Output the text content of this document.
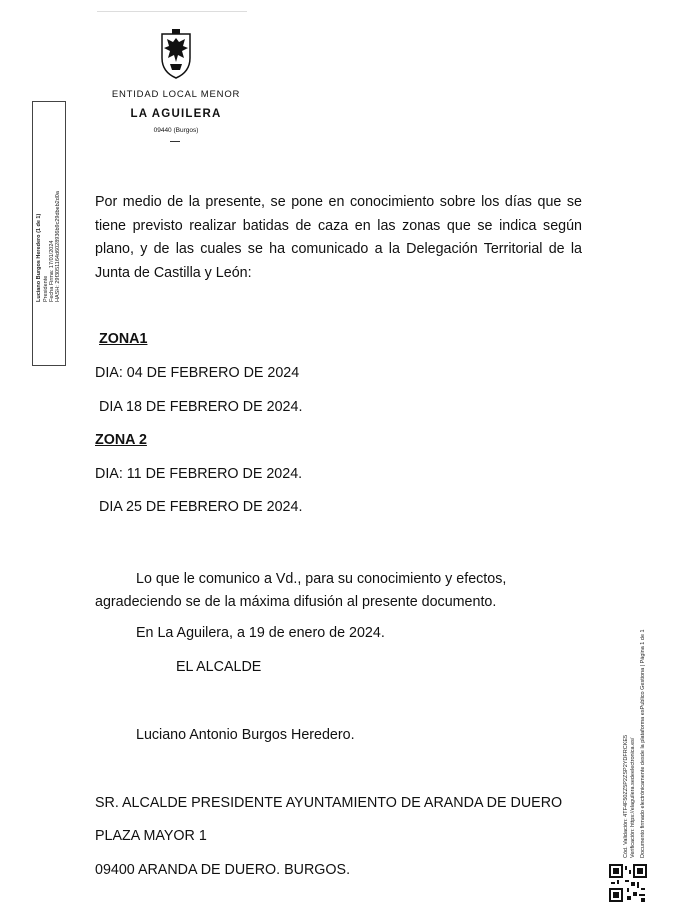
ENTIDAD LOCAL MENOR
LA AGUILERA
09440 (Burgos)
Luciano Burgos Heredero (1 de 1) Presidente Fecha Firma: 17/01/2024 HASH: 29f3051164d6028936b9c29dbeb2d0a Por medio de la presente, se pone en conocimiento sobre los días que se tiene previsto realizar batidas de caza en las zonas que se indica según plano, y de las cuales se ha comunicado a la Delegación Territorial de la Junta de Castilla y León:
ZONA1
DIA: 04 DE FEBRERO DE 2024
DIA 18 DE FEBRERO DE 2024.
ZONA 2
DIA: 11 DE FEBRERO DE 2024.
DIA 25 DE FEBRERO DE 2024.
Lo que le comunico a Vd., para su conocimiento y efectos, agradeciendo se de la máxima difusión al presente documento.
En La Aguilera, a 19 de enero de 2024.
EL ALCALDE
Luciano Antonio Burgos Heredero.
SR. ALCALDE PRESIDENTE AYUNTAMIENTO DE ARANDA DE DUERO
PLAZA MAYOR 1
09400 ARANDA DE DUERO. BURGOS.
Cód. Validación: 4TF4F50ZZ5P2ZSP2YDFRCKE5 Verificación: https://elaguilera.sedeelectronica.es/ Documento firmado electrónicamente desde la plataforma esPublico Gestiona | Página 1 de 1
